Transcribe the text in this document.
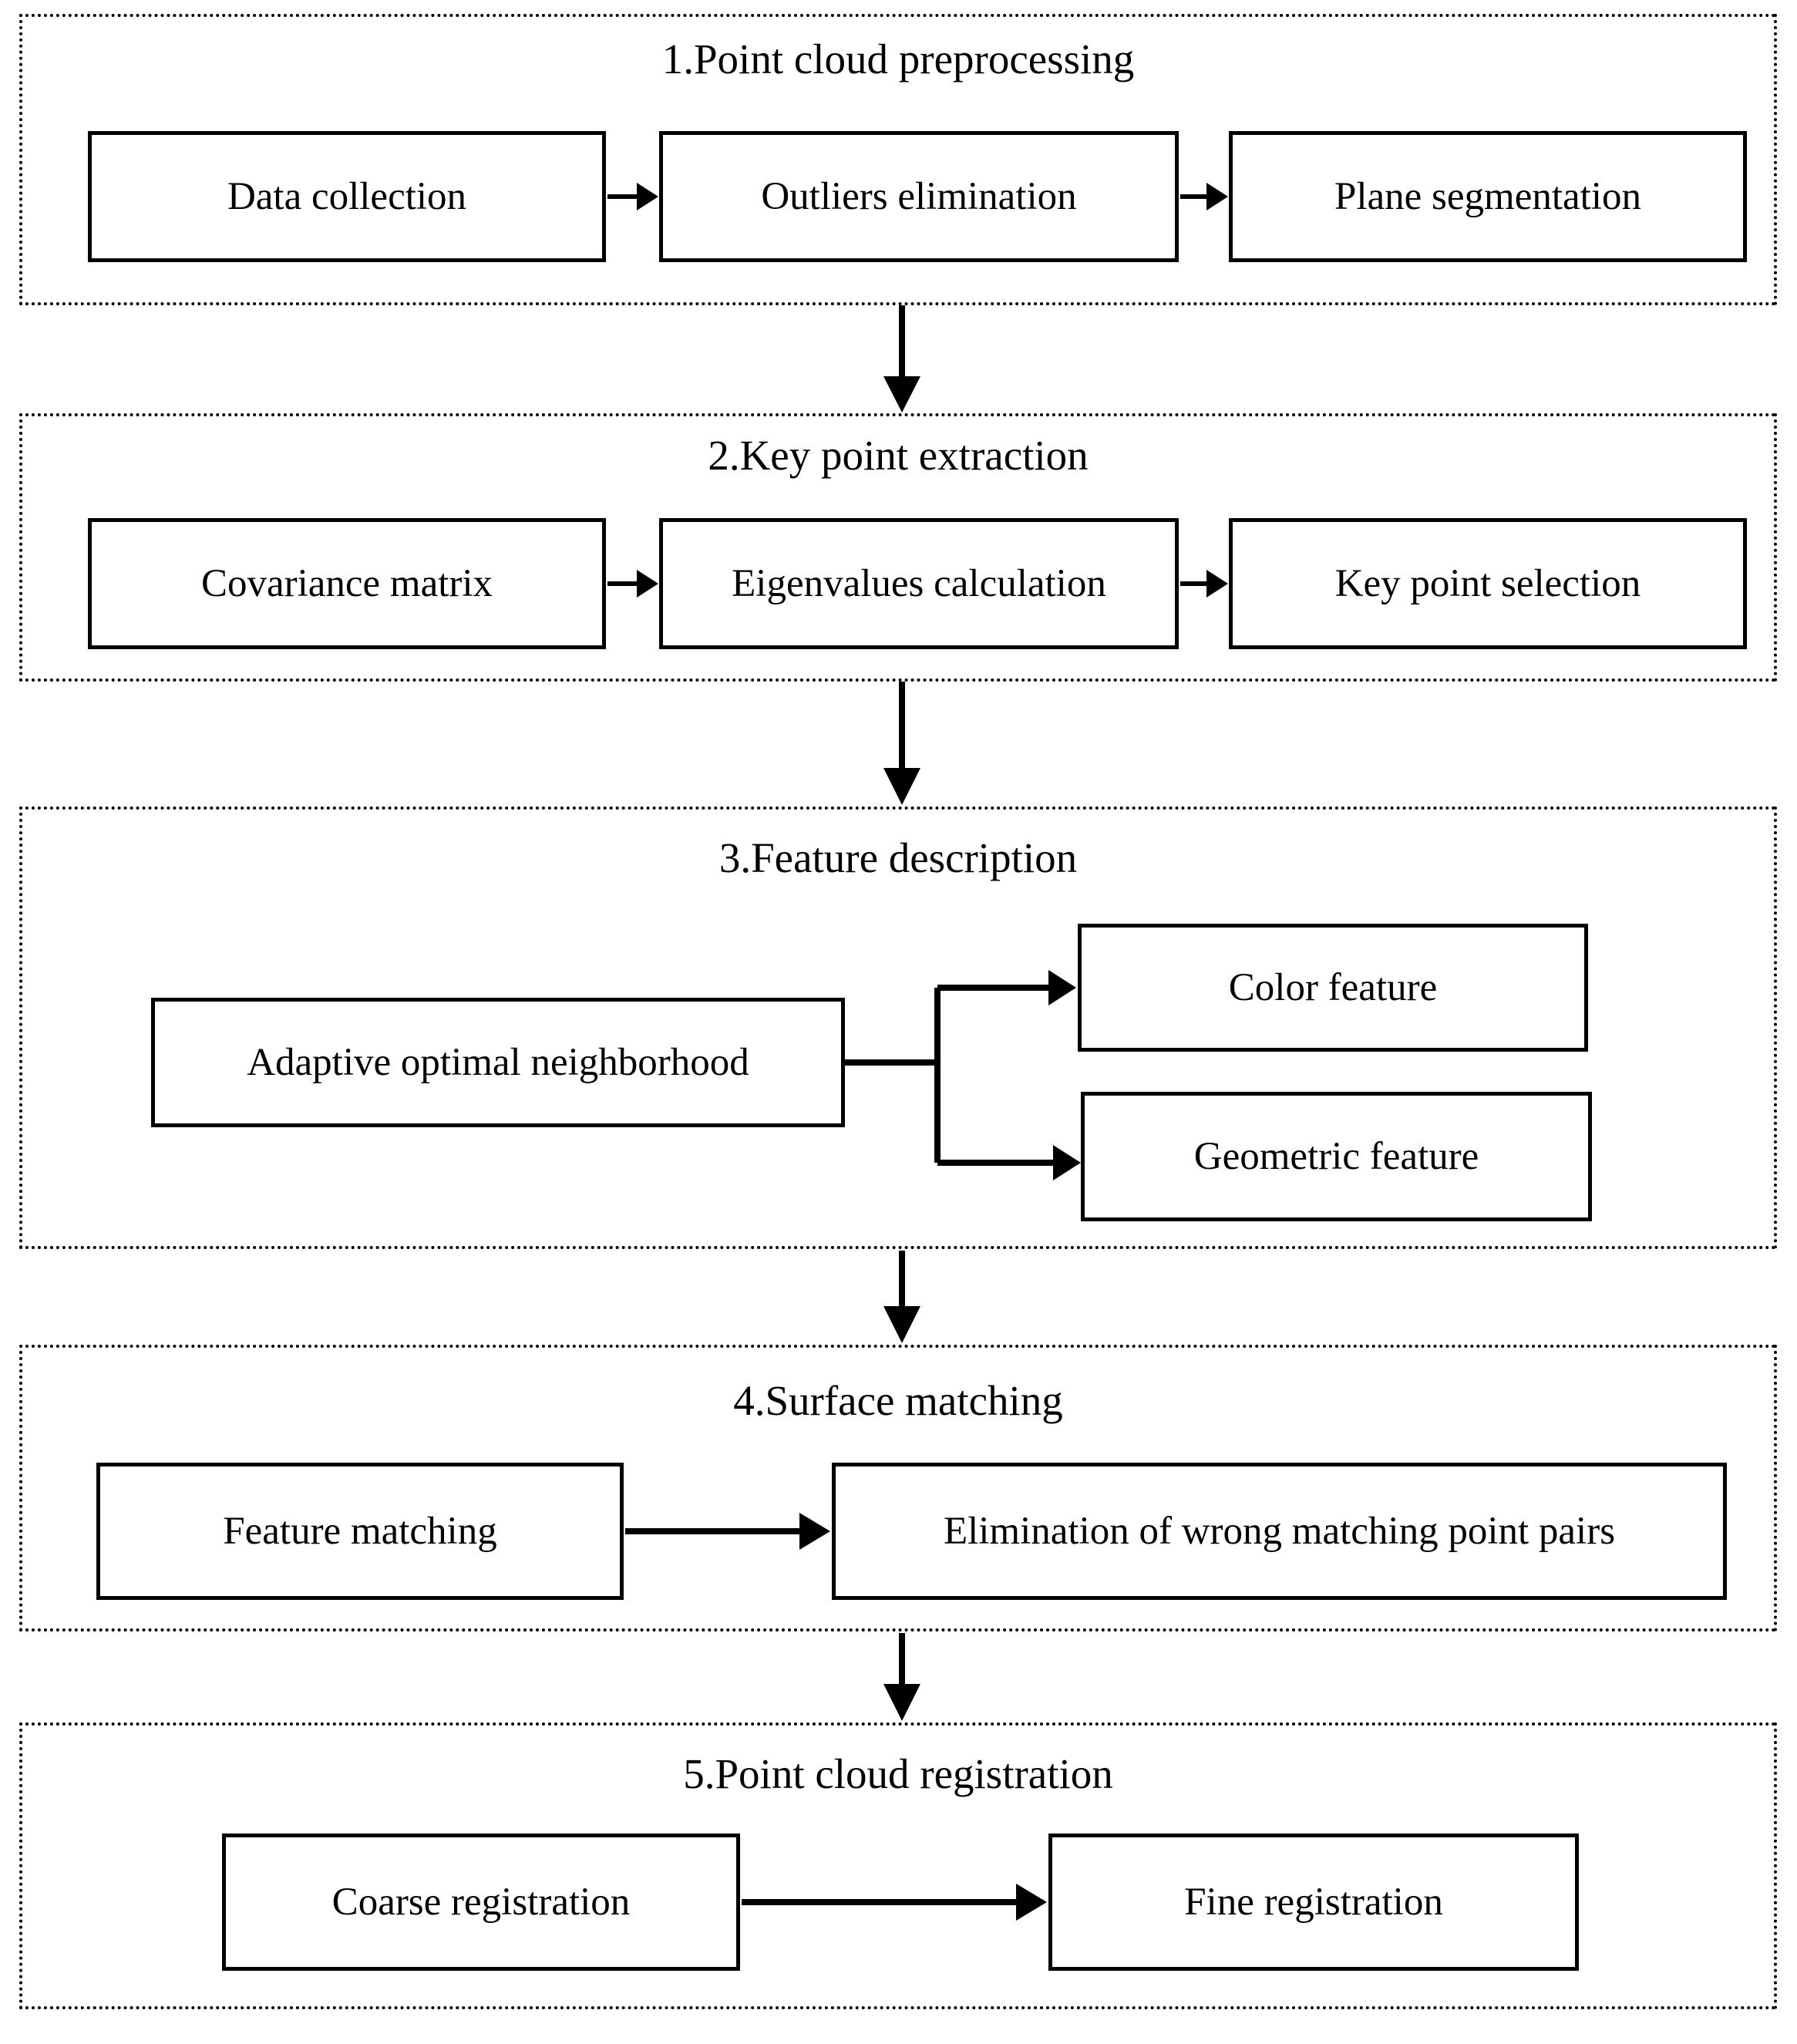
1.Point cloud preprocessing
Data collection	Outliers elimination	Plane segmentation
2.Key point extraction
Covariance matrix	Eigenvalues calculation	Key point selection
3.Feature description
Adaptive optimal neighborhood
Color feature
Geometric feature
4.Surface matching
Feature matching	Elimination of wrong matching point pairs
5.Point cloud registration
Coarse registration	Fine registration
